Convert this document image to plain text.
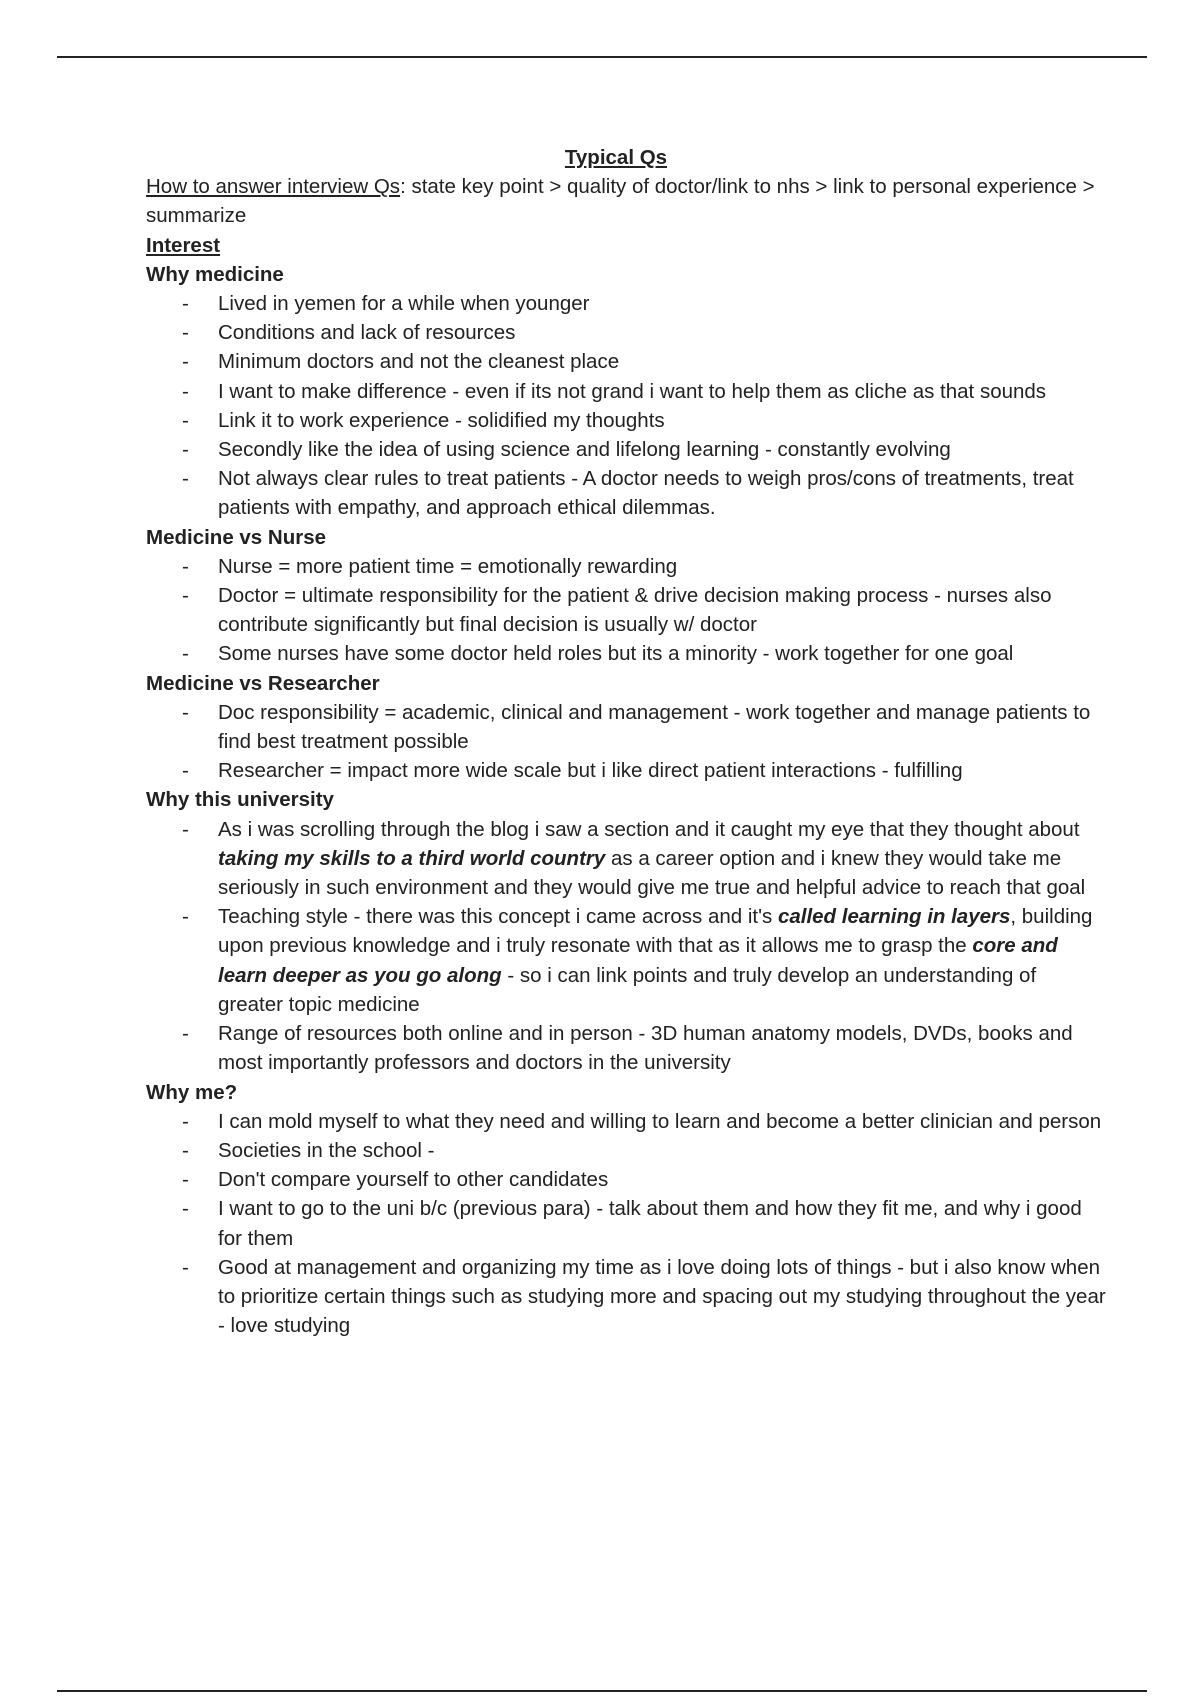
Typical Qs
How to answer interview Qs: state key point > quality of doctor/link to nhs > link to personal experience > summarize
Interest
Why medicine
- Lived in yemen for a while when younger
- Conditions and lack of resources
- Minimum doctors and not the cleanest place
- I want to make difference - even if its not grand i want to help them as cliche as that sounds
- Link it to work experience - solidified my thoughts
- Secondly like the idea of using science and lifelong learning - constantly evolving
- Not always clear rules to treat patients - A doctor needs to weigh pros/cons of treatments, treat patients with empathy, and approach ethical dilemmas.
Medicine vs Nurse
- Nurse = more patient time = emotionally rewarding
- Doctor = ultimate responsibility for the patient & drive decision making process - nurses also contribute significantly but final decision is usually w/ doctor
- Some nurses have some doctor held roles but its a minority - work together for one goal
Medicine vs Researcher
- Doc responsibility = academic, clinical and management - work together and manage patients to find best treatment possible
- Researcher = impact more wide scale but i like direct patient interactions - fulfilling
Why this university
- As i was scrolling through the blog i saw a section and it caught my eye that they thought about taking my skills to a third world country as a career option and i knew they would take me seriously in such environment and they would give me true and helpful advice to reach that goal
- Teaching style - there was this concept i came across and it's called learning in layers, building upon previous knowledge and i truly resonate with that as it allows me to grasp the core and learn deeper as you go along - so i can link points and truly develop an understanding of greater topic medicine
- Range of resources both online and in person - 3D human anatomy models, DVDs, books and most importantly professors and doctors in the university
Why me?
- I can mold myself to what they need and willing to learn and become a better clinician and person
- Societies in the school -
- Don't compare yourself to other candidates
- I want to go to the uni b/c (previous para) - talk about them and how they fit me, and why i good for them
- Good at management and organizing my time as i love doing lots of things - but i also know when to prioritize certain things such as studying more and spacing out my studying throughout the year - love studying
